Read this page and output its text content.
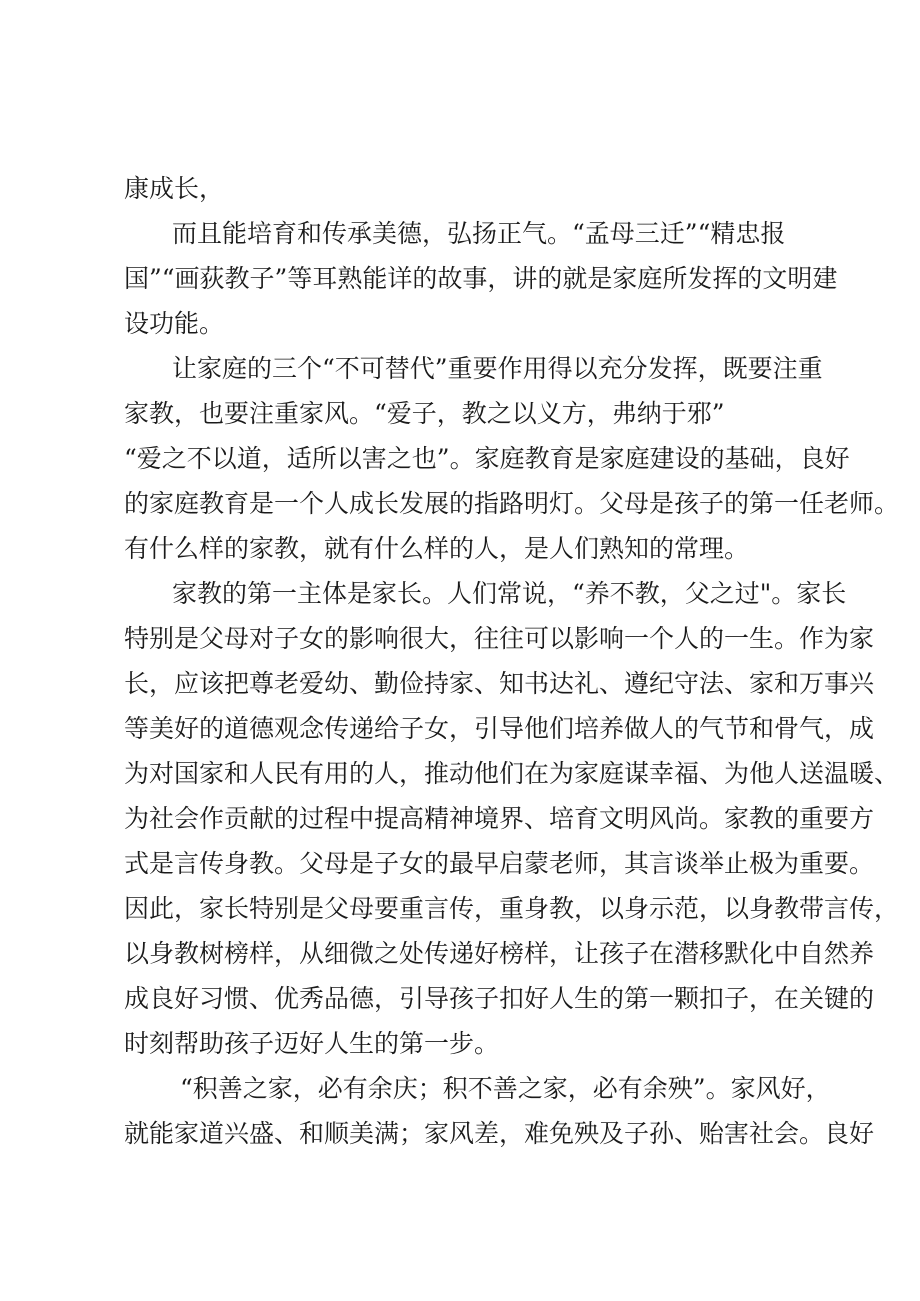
康成长，
而且能培育和传承美德，弘扬正气。“孟母三迁”“精忠报
国”“画荻教子”等耳熟能详的故事，讲的就是家庭所发挥的文明建
设功能。
让家庭的三个“不可替代”重要作用得以充分发挥，既要注重
家教，也要注重家风。“爱子，教之以义方，弗纳于邪”
“爱之不以道，适所以害之也”。家庭教育是家庭建设的基础，良好
的家庭教育是一个人成长发展的指路明灯。父母是孩子的第一任老师。
有什么样的家教，就有什么样的人，是人们熟知的常理。
家教的第一主体是家长。人们常说，“养不教，父之过"。家长
特别是父母对子女的影响很大，往往可以影响一个人的一生。作为家
长，应该把尊老爱幼、勤俭持家、知书达礼、遵纪守法、家和万事兴
等美好的道德观念传递给子女，引导他们培养做人的气节和骨气，成
为对国家和人民有用的人，推动他们在为家庭谋幸福、为他人送温暖、
为社会作贡献的过程中提高精神境界、培育文明风尚。家教的重要方
式是言传身教。父母是子女的最早启蒙老师，其言谈举止极为重要。
因此，家长特别是父母要重言传，重身教，以身示范，以身教带言传，
以身教树榜样，从细微之处传递好榜样，让孩子在潜移默化中自然养
成良好习惯、优秀品德，引导孩子扣好人生的第一颗扣子，在关键的
时刻帮助孩子迈好人生的第一步。
“积善之家，必有余庆；积不善之家，必有余殃”。家风好，
就能家道兴盛、和顺美满；家风差，难免殃及子孙、贻害社会。良好
